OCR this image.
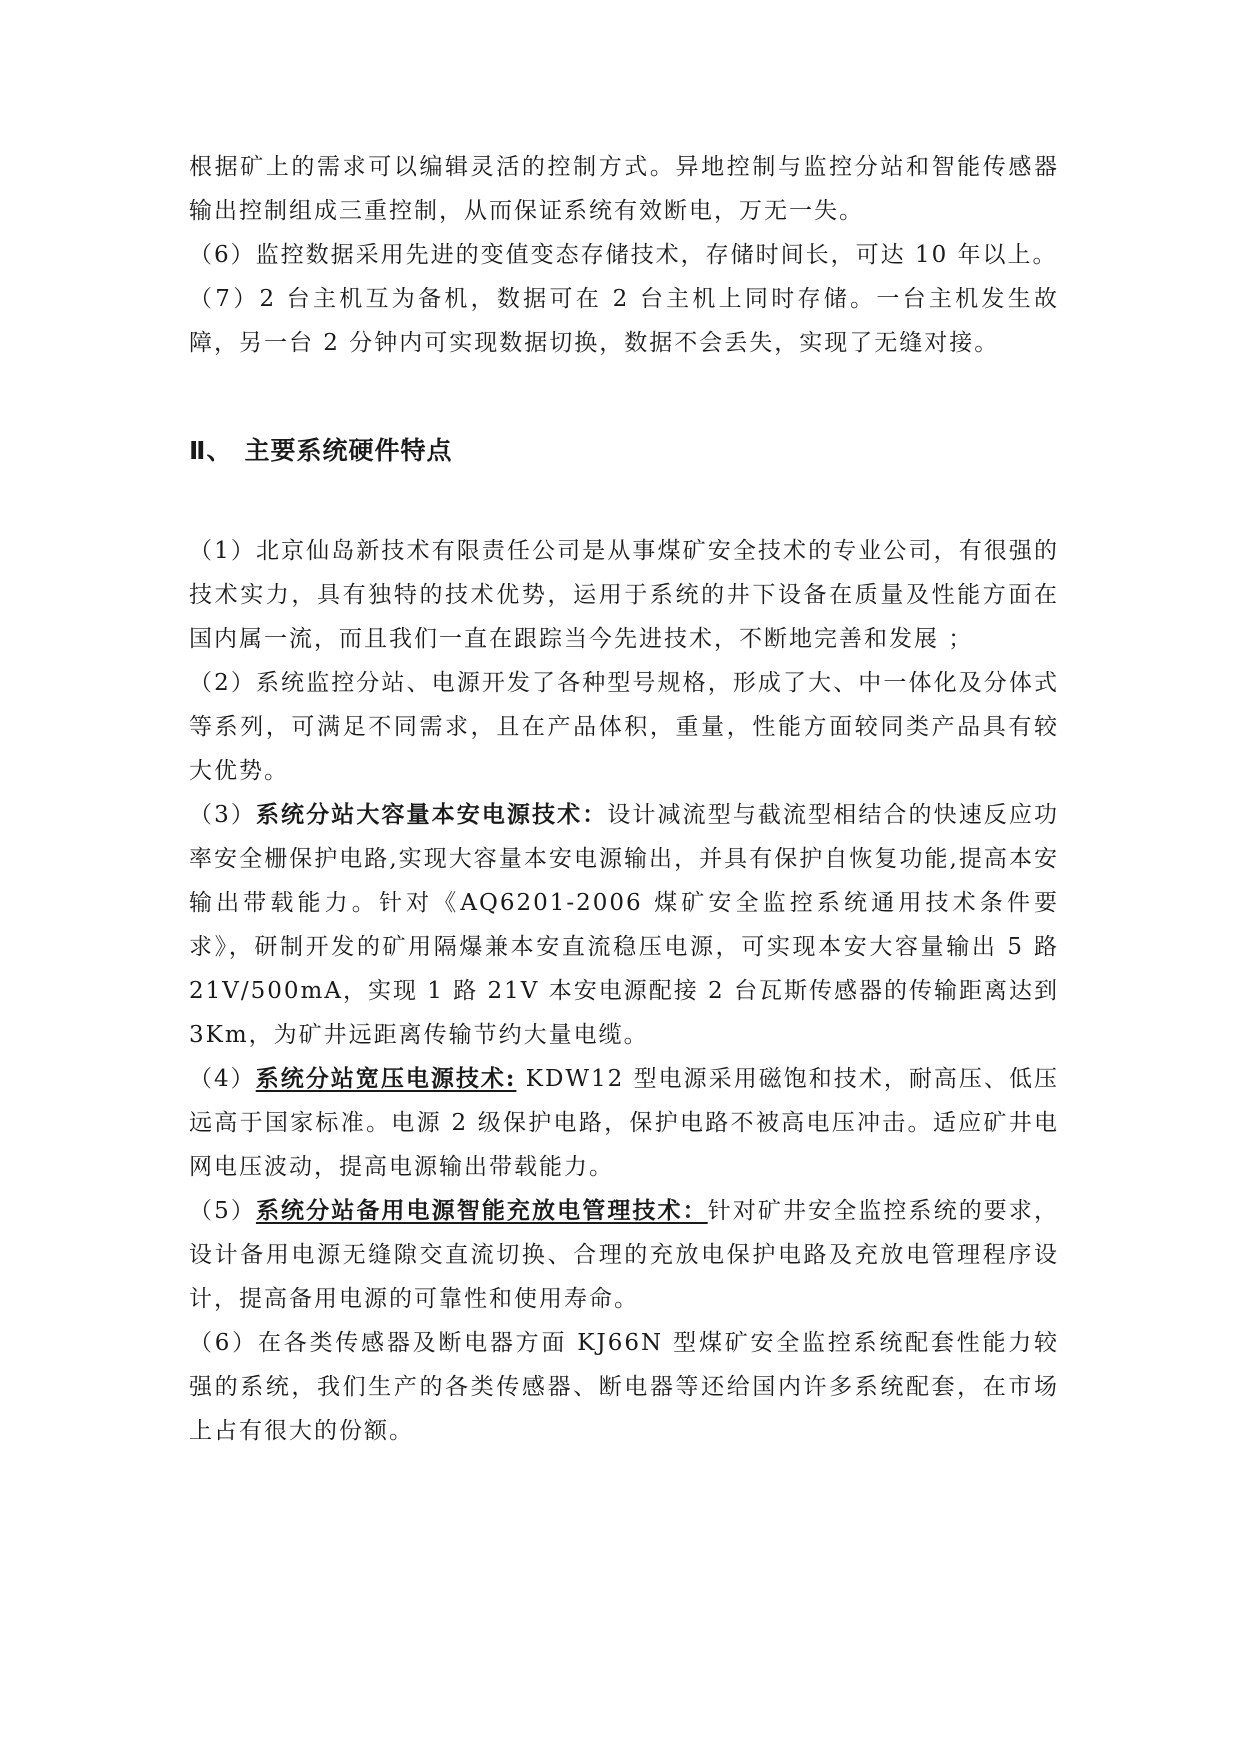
根据矿上的需求可以编辑灵活的控制方式。异地控制与监控分站和智能传感器输出控制组成三重控制，从而保证系统有效断电，万无一失。

（6）监控数据采用先进的变值变态存储技术，存储时间长，可达 10 年以上。

（7）2 台主机互为备机，数据可在 2 台主机上同时存储。一台主机发生故障，另一台 2 分钟内可实现数据切换，数据不会丢失，实现了无缝对接。

Ⅱ、 主要系统硬件特点

（1）北京仙岛新技术有限责任公司是从事煤矿安全技术的专业公司，有很强的技术实力，具有独特的技术优势，运用于系统的井下设备在质量及性能方面在国内属一流，而且我们一直在跟踪当今先进技术，不断地完善和发展 ；

（2）系统监控分站、电源开发了各种型号规格，形成了大、中一体化及分体式等系列，可满足不同需求，且在产品体积，重量，性能方面较同类产品具有较大优势。

（3）系统分站大容量本安电源技术：设计减流型与截流型相结合的快速反应功率安全栅保护电路,实现大容量本安电源输出，并具有保护自恢复功能,提高本安输出带载能力。针对《AQ6201-2006 煤矿安全监控系统通用技术条件要求》，研制开发的矿用隔爆兼本安直流稳压电源，可实现本安大容量输出 5 路 21V/500mA，实现 1 路 21V 本安电源配接 2 台瓦斯传感器的传输距离达到 3Km，为矿井远距离传输节约大量电缆。

（4）系统分站宽压电源技术: KDW12 型电源采用磁饱和技术，耐高压、低压远高于国家标准。电源 2 级保护电路，保护电路不被高电压冲击。适应矿井电网电压波动，提高电源输出带载能力。

（5）系统分站备用电源智能充放电管理技术：针对矿井安全监控系统的要求，设计备用电源无缝隙交直流切换、合理的充放电保护电路及充放电管理程序设计，提高备用电源的可靠性和使用寿命。

（6）在各类传感器及断电器方面 KJ66N 型煤矿安全监控系统配套性能力较强的系统，我们生产的各类传感器、断电器等还给国内许多系统配套，在市场上占有很大的份额。
